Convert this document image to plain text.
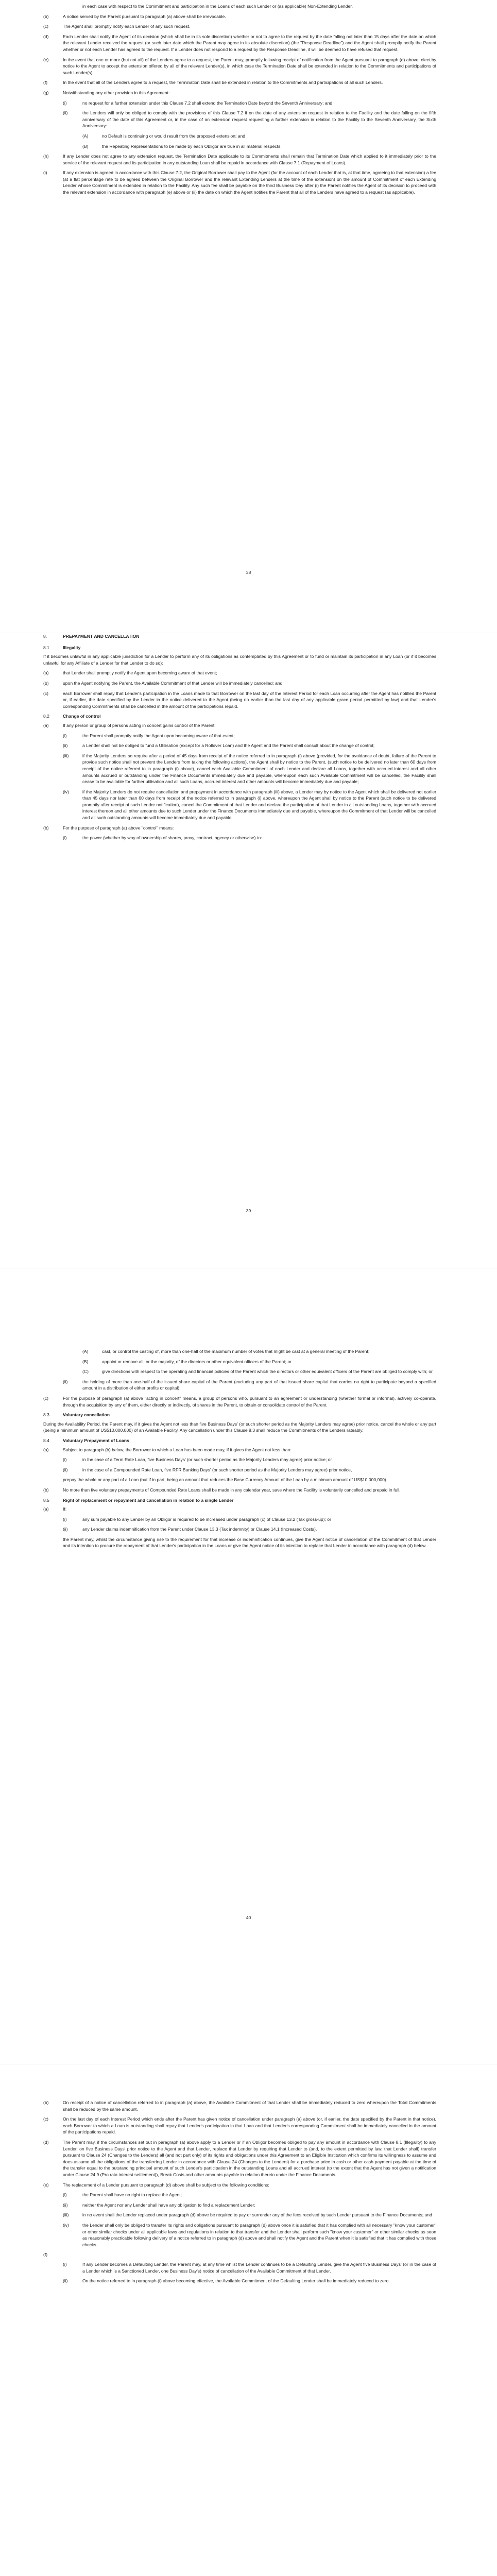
in each case with respect to the Commitment and participation in the Loans of each such Lender or (as applicable) Non-Extending Lender.
(b)	A notice served by the Parent pursuant to paragraph (a) above shall be irrevocable.
(c)	The Agent shall promptly notify each Lender of any such request.
(d)	Each Lender shall notify the Agent of its decision (which shall be in its sole discretion) whether or not to agree to the request by the date falling not later than 15 days after the date on which the relevant Lender received the request (or such later date which the Parent may agree in its absolute discretion) (the "Response Deadline") and the Agent shall promptly notify the Parent whether or not each Lender has agreed to the request. If a Lender does not respond to a request by the Response Deadline, it will be deemed to have refused that request.
(e)	In the event that one or more (but not all) of the Lenders agree to a request, the Parent may, promptly following receipt of notification from the Agent pursuant to paragraph (d) above, elect by notice to the Agent to accept the extension offered by all of the relevant Lender(s), in which case the Termination Date shall be extended in relation to the Commitments and participations of such Lender(s).
(f)	In the event that all of the Lenders agree to a request, the Termination Date shall be extended in relation to the Commitments and participations of all such Lenders.
(g)	Notwithstanding any other provision in this Agreement:
(i)	no request for a further extension under this Clause 7.2 shall extend the Termination Date beyond the Seventh Anniversary; and
(ii)	the Lenders will only be obliged to comply with the provisions of this Clause 7.2 if on the date of any extension request in relation to the Facility and the date falling on the fifth anniversary of the date of this Agreement or, in the case of an extension request requesting a further extension in relation to the Facility to the Seventh Anniversary, the Sixth Anniversary:
(A)	no Default is continuing or would result from the proposed extension; and
(B)	the Repeating Representations to be made by each Obligor are true in all material respects.
(h)	If any Lender does not agree to any extension request, the Termination Date applicable to its Commitments shall remain that Termination Date which applied to it immediately prior to the service of the relevant request and its participation in any outstanding Loan shall be repaid in accordance with Clause 7.1 (Repayment of Loans).
(i)	If any extension is agreed in accordance with this Clause 7.2, the Original Borrower shall pay to the Agent (for the account of each Lender that is, at that time, agreeing to that extension) a fee (at a flat percentage rate to be agreed between the Original Borrower and the relevant Extending Lenders at the time of the extension) on the amount of Commitment of each Extending Lender whose Commitment is extended in relation to the Facility. Any such fee shall be payable on the third Business Day after (i) the Parent notifies the Agent of its decision to proceed with the relevant extension in accordance with paragraph (e) above or (ii) the date on which the Agent notifies the Parent that all of the Lenders have agreed to a request (as applicable).
38
8.	PREPAYMENT AND CANCELLATION
8.1	Illegality
If it becomes unlawful in any applicable jurisdiction for a Lender to perform any of its obligations as contemplated by this Agreement or to fund or maintain its participation in any Loan (or if it becomes unlawful for any Affiliate of a Lender for that Lender to do so):
(a)	that Lender shall promptly notify the Agent upon becoming aware of that event;
(b)	upon the Agent notifying the Parent, the Available Commitment of that Lender will be immediately cancelled; and
(c)	each Borrower shall repay that Lender's participation in the Loans made to that Borrower on the last day of the Interest Period for each Loan occurring after the Agent has notified the Parent or, if earlier, the date specified by the Lender in the notice delivered to the Agent (being no earlier than the last day of any applicable grace period permitted by law) and that Lender's corresponding Commitments shall be cancelled in the amount of the participations repaid.
8.2	Change of control
(a)	If any person or group of persons acting in concert gains control of the Parent:
(i)	the Parent shall promptly notify the Agent upon becoming aware of that event;
(ii)	a Lender shall not be obliged to fund a Utilisation (except for a Rollover Loan) and the Agent and the Parent shall consult about the change of control;
(iii)	if the Majority Lenders so require after a period of 45 days from receipt of the notice referred to in paragraph (i) above (provided, for the avoidance of doubt, failure of the Parent to provide such notice shall not prevent the Lenders from taking the following actions), the Agent shall by notice to the Parent, (such notice to be delivered no later than 60 days from receipt of the notice referred to in paragraph (i) above), cancel each Available Commitment of each Lender and declare all Loans, together with accrued interest and all other amounts accrued or outstanding under the Finance Documents immediately due and payable, whereupon each such Available Commitment will be cancelled, the Facility shall cease to be available for further utilisation and all such Loans, accrued interest and other amounts will become immediately due and payable;
(iv)	if the Majority Lenders do not require cancellation and prepayment in accordance with paragraph (iii) above, a Lender may by notice to the Agent which shall be delivered not earlier than 45 days nor later than 60 days from receipt of the notice referred to in paragraph (i) above, whereupon the Agent shall by notice to the Parent (such notice to be delivered promptly after receipt of such Lender notification), cancel the Commitment of that Lender and declare the participation of that Lender in all outstanding Loans, together with accrued interest thereon and all other amounts due to such Lender under the Finance Documents immediately due and payable, whereupon the Commitment of that Lender will be cancelled and all such outstanding amounts will become immediately due and payable.
(b)	For the purpose of paragraph (a) above "control" means:
(i)	the power (whether by way of ownership of shares, proxy, contract, agency or otherwise) to:
39
(A)	cast, or control the casting of, more than one-half of the maximum number of votes that might be cast at a general meeting of the Parent;
(B)	appoint or remove all, or the majority, of the directors or other equivalent officers of the Parent; or
(C)	give directions with respect to the operating and financial policies of the Parent which the directors or other equivalent officers of the Parent are obliged to comply with; or
(ii)	the holding of more than one-half of the issued share capital of the Parent (excluding any part of that issued share capital that carries no right to participate beyond a specified amount in a distribution of either profits or capital).
(c)	For the purpose of paragraph (a) above "acting in concert" means, a group of persons who, pursuant to an agreement or understanding (whether formal or informal), actively co-operate, through the acquisition by any of them, either directly or indirectly, of shares in the Parent, to obtain or consolidate control of the Parent.
8.3	Voluntary cancellation
During the Availability Period, the Parent may, if it gives the Agent not less than five Business Days' (or such shorter period as the Majority Lenders may agree) prior notice, cancel the whole or any part (being a minimum amount of US$10,000,000) of an Available Facility. Any cancellation under this Clause 8.3 shall reduce the Commitments of the Lenders rateably.
8.4	Voluntary Prepayment of Loans
(a)	Subject to paragraph (b) below, the Borrower to which a Loan has been made may, if it gives the Agent not less than:
(i)	in the case of a Term Rate Loan, five Business Days' (or such shorter period as the Majority Lenders may agree) prior notice; or
(ii)	in the case of a Compounded Rate Loan, five RFR Banking Days' (or such shorter period as the Majority Lenders may agree) prior notice,
prepay the whole or any part of a Loan (but if in part, being an amount that reduces the Base Currency Amount of the Loan by a minimum amount of US$10,000,000).
(b)	No more than five voluntary prepayments of Compounded Rate Loans shall be made in any calendar year, save where the Facility is voluntarily cancelled and prepaid in full.
8.5	Right of replacement or repayment and cancellation in relation to a single Lender
(a)	If:
(i)	any sum payable to any Lender by an Obligor is required to be increased under paragraph (c) of Clause 13.2 (Tax gross-up); or
(ii)	any Lender claims indemnification from the Parent under Clause 13.3 (Tax indemnity) or Clause 14.1 (Increased Costs),
the Parent may, whilst the circumstance giving rise to the requirement for that increase or indemnification continues, give the Agent notice of cancellation of the Commitment of that Lender and its intention to procure the repayment of that Lender's participation in the Loans or give the Agent notice of its intention to replace that Lender in accordance with paragraph (d) below.
40
(b)	On receipt of a notice of cancellation referred to in paragraph (a) above, the Available Commitment of that Lender shall be immediately reduced to zero whereupon the Total Commitments shall be reduced by the same amount.
(c)	On the last day of each Interest Period which ends after the Parent has given notice of cancellation under paragraph (a) above (or, if earlier, the date specified by the Parent in that notice), each Borrower to which a Loan is outstanding shall repay that Lender's participation in that Loan and that Lender's corresponding Commitment shall be immediately cancelled in the amount of the participations repaid.
(d)	The Parent may, if the circumstances set out in paragraph (a) above apply to a Lender or if an Obligor becomes obliged to pay any amount in accordance with Clause 8.1 (Illegality) to any Lender, on five Business Days' prior notice to the Agent and that Lender, replace that Lender by requiring that Lender to (and, to the extent permitted by law, that Lender shall) transfer pursuant to Clause 24 (Changes to the Lenders) all (and not part only) of its rights and obligations under this Agreement to an Eligible Institution which confirms its willingness to assume and does assume all the obligations of the transferring Lender in accordance with Clause 24 (Changes to the Lenders) for a purchase price in cash or other cash payment payable at the time of the transfer equal to the outstanding principal amount of such Lender's participation in the outstanding Loans and all accrued interest (to the extent that the Agent has not given a notification under Clause 24.9 (Pro rata interest settlement)), Break Costs and other amounts payable in relation thereto under the Finance Documents.
(e)	The replacement of a Lender pursuant to paragraph (d) above shall be subject to the following conditions:
(i)	the Parent shall have no right to replace the Agent;
(ii)	neither the Agent nor any Lender shall have any obligation to find a replacement Lender;
(iii)	in no event shall the Lender replaced under paragraph (d) above be required to pay or surrender any of the fees received by such Lender pursuant to the Finance Documents; and
(iv)	the Lender shall only be obliged to transfer its rights and obligations pursuant to paragraph (d) above once it is satisfied that it has complied with all necessary "know your customer" or other similar checks under all applicable laws and regulations in relation to that transfer and the Lender shall perform such "know your customer" or other similar checks as soon as reasonably practicable following delivery of a notice referred to in paragraph (d) above and shall notify the Agent and the Parent when it is satisfied that it has complied with those checks.
(f)
(i)	If any Lender becomes a Defaulting Lender, the Parent may, at any time whilst the Lender continues to be a Defaulting Lender, give the Agent five Business Days' (or in the case of a Lender which is a Sanctioned Lender, one Business Day's) notice of cancellation of the Available Commitment of that Lender.
(ii)	On the notice referred to in paragraph (i) above becoming effective, the Available Commitment of the Defaulting Lender shall be immediately reduced to zero.
